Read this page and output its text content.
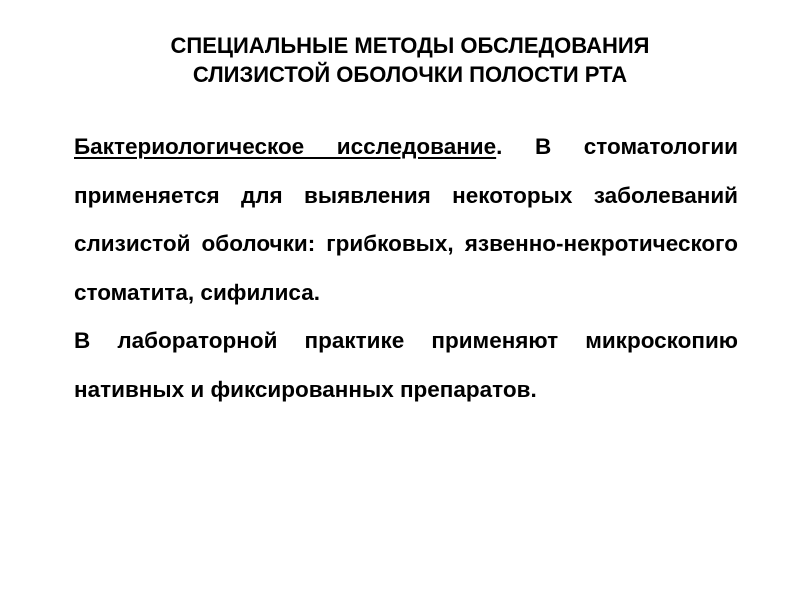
СПЕЦИАЛЬНЫЕ МЕТОДЫ ОБСЛЕДОВАНИЯ
СЛИЗИСТОЙ ОБОЛОЧКИ ПОЛОСТИ РТА
Бактериологическое исследование. В стоматологии применяется для выявления некоторых заболеваний слизистой оболочки: грибковых, язвенно-некротического стоматита, сифилиса.
В лабораторной практике применяют микроскопию нативных и фиксированных препаратов.
